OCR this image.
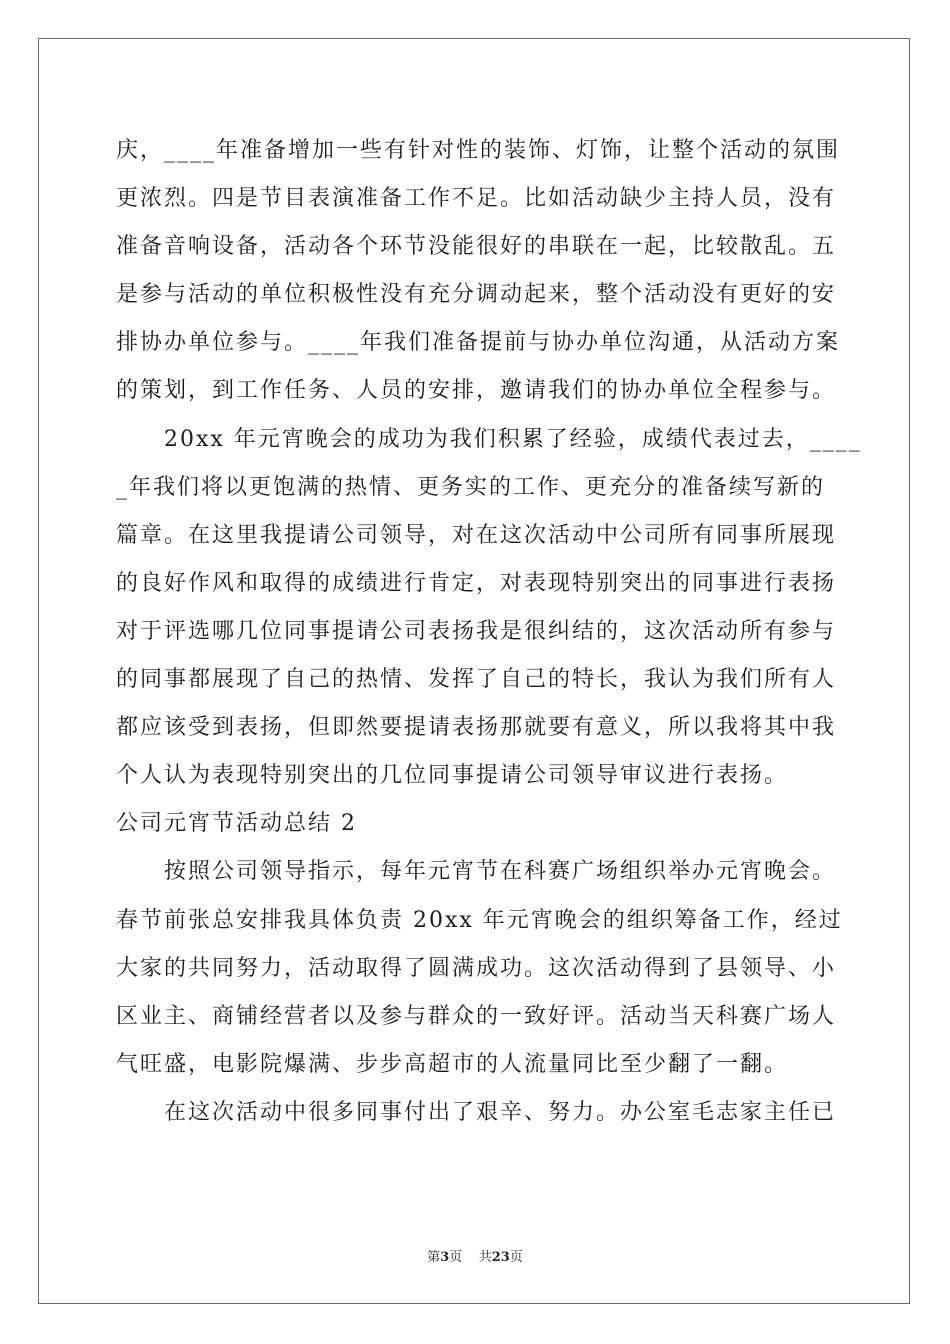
庆，____年准备增加一些有针对性的装饰、灯饰，让整个活动的氛围
更浓烈。四是节目表演准备工作不足。比如活动缺少主持人员，没有
准备音响设备，活动各个环节没能很好的串联在一起，比较散乱。五
是参与活动的单位积极性没有充分调动起来，整个活动没有更好的安
排协办单位参与。____年我们准备提前与协办单位沟通，从活动方案
的策划，到工作任务、人员的安排，邀请我们的协办单位全程参与。
20xx 年元宵晚会的成功为我们积累了经验，成绩代表过去，____
_年我们将以更饱满的热情、更务实的工作、更充分的准备续写新的
篇章。在这里我提请公司领导，对在这次活动中公司所有同事所展现
的良好作风和取得的成绩进行肯定，对表现特别突出的同事进行表扬
对于评选哪几位同事提请公司表扬我是很纠结的，这次活动所有参与
的同事都展现了自己的热情、发挥了自己的特长，我认为我们所有人
都应该受到表扬，但即然要提请表扬那就要有意义，所以我将其中我
个人认为表现特别突出的几位同事提请公司领导审议进行表扬。
公司元宵节活动总结 2
按照公司领导指示，每年元宵节在科赛广场组织举办元宵晚会。
春节前张总安排我具体负责 20xx 年元宵晚会的组织筹备工作，经过
大家的共同努力，活动取得了圆满成功。这次活动得到了县领导、小
区业主、商铺经营者以及参与群众的一致好评。活动当天科赛广场人
气旺盛，电影院爆满、步步高超市的人流量同比至少翻了一翻。
在这次活动中很多同事付出了艰辛、努力。办公室毛志家主任已
第3页 共23页
